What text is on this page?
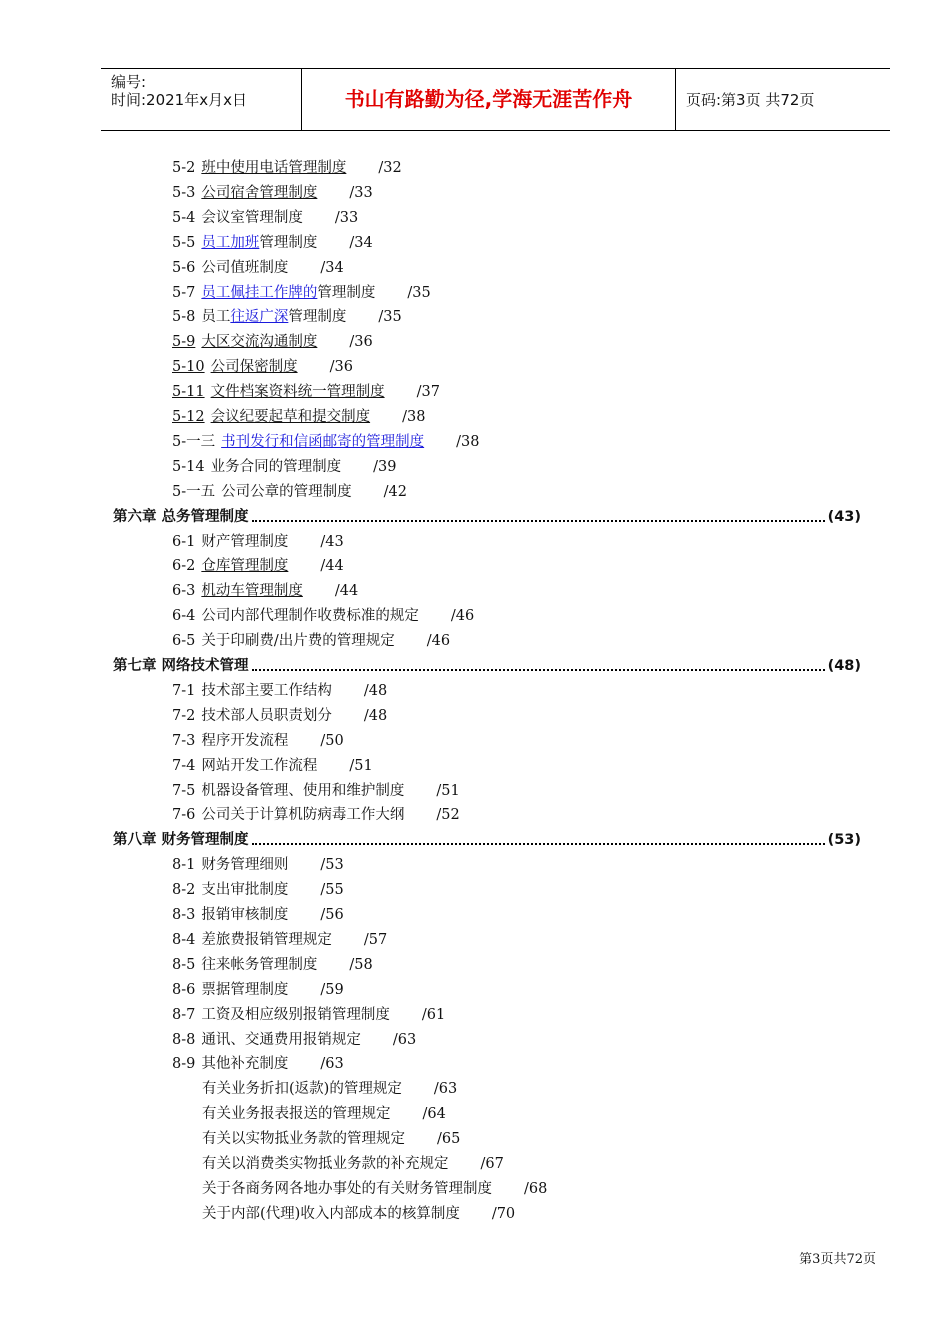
编号:
时间:2021年x月x日	书山有路勤为径,学海无涯苦作舟	页码:第3页 共72页
5-2 班中使用电话管理制度 /32
5-3 公司宿舍管理制度 /33
5-4 会议室管理制度 /33
5-5 员工加班管理制度 /34
5-6 公司值班制度 /34
5-7 员工佩挂工作牌的管理制度 /35
5-8 员工往返广深管理制度 /35
5-9 大区交流沟通制度 /36
5-10 公司保密制度 /36
5-11 文件档案资料统一管理制度 /37
5-12 会议纪要起草和提交制度 /38
5-一三 书刊发行和信函邮寄的管理制度 /38
5-14 业务合同的管理制度 /39
5-一五 公司公章的管理制度 /42
第六章 总务管理制度	(43)
6-1 财产管理制度 /43
6-2 仓库管理制度 /44
6-3 机动车管理制度 /44
6-4 公司内部代理制作收费标准的规定 /46
6-5 关于印刷费/出片费的管理规定 /46
第七章 网络技术管理	(48)
7-1 技术部主要工作结构 /48
7-2 技术部人员职责划分 /48
7-3 程序开发流程 /50
7-4 网站开发工作流程 /51
7-5 机器设备管理、使用和维护制度 /51
7-6 公司关于计算机防病毒工作大纲 /52
第八章 财务管理制度	(53)
8-1 财务管理细则 /53
8-2 支出审批制度 /55
8-3 报销审核制度 /56
8-4 差旅费报销管理规定 /57
8-5 往来帐务管理制度 /58
8-6 票据管理制度 /59
8-7 工资及相应级别报销管理制度 /61
8-8 通讯、交通费用报销规定 /63
8-9 其他补充制度 /63
有关业务折扣(返款)的管理规定 /63
有关业务报表报送的管理规定 /64
有关以实物抵业务款的管理规定 /65
有关以消费类实物抵业务款的补充规定 /67
关于各商务网各地办事处的有关财务管理制度 /68
关于内部(代理)收入内部成本的核算制度 /70
第3页共72页
